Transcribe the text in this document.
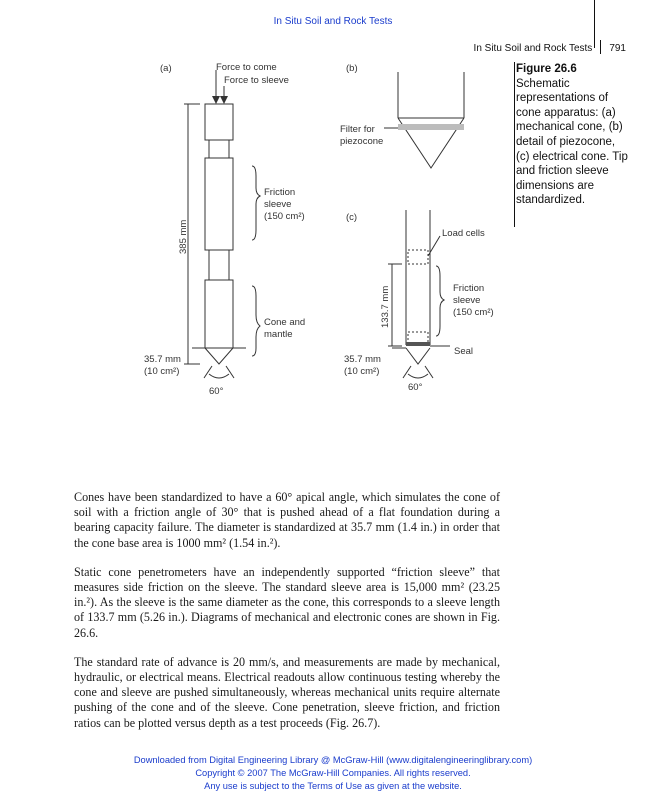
In Situ Soil and Rock Tests
In Situ Soil and Rock Tests 791
(a)	Force to come
Force to sleeve
Friction
sleeve
(150 cm²)
Cone and
mantle
385 mm
35.7 mm
(10 cm²)
60°
(b)
Filter for
piezocone
(c)
Load cells
Friction
sleeve
(150 cm²)
Seal
133.7 mm
35.7 mm
(10 cm²)
60°
Figure 26.6
Schematic representations of cone apparatus: (a) mechanical cone, (b) detail of piezocone, (c) electrical cone. Tip and friction sleeve dimensions are standardized.

Cones have been standardized to have a 60° apical angle, which simulates the cone of soil with a friction angle of 30° that is pushed ahead of a flat foundation during a bearing capacity failure. The diameter is standardized at 35.7 mm (1.4 in.) in order that the cone base area is 1000 mm² (1.54 in.²).

Static cone penetrometers have an independently supported “friction sleeve” that measures side friction on the sleeve. The standard sleeve area is 15,000 mm² (23.25 in.²). As the sleeve is the same diameter as the cone, this corresponds to a sleeve length of 133.7 mm (5.26 in.). Diagrams of mechanical and electronic cones are shown in Fig. 26.6.

The standard rate of advance is 20 mm/s, and measurements are made by mechanical, hydraulic, or electrical means. Electrical readouts allow continuous testing whereby the cone and sleeve are pushed simultaneously, whereas mechanical units require alternate pushing of the cone and of the sleeve. Cone penetration, sleeve friction, and friction ratios can be plotted versus depth as a test proceeds (Fig. 26.7).

Downloaded from Digital Engineering Library @ McGraw-Hill (www.digitalengineeringlibrary.com)
Copyright © 2007 The McGraw-Hill Companies. All rights reserved.
Any use is subject to the Terms of Use as given at the website.
